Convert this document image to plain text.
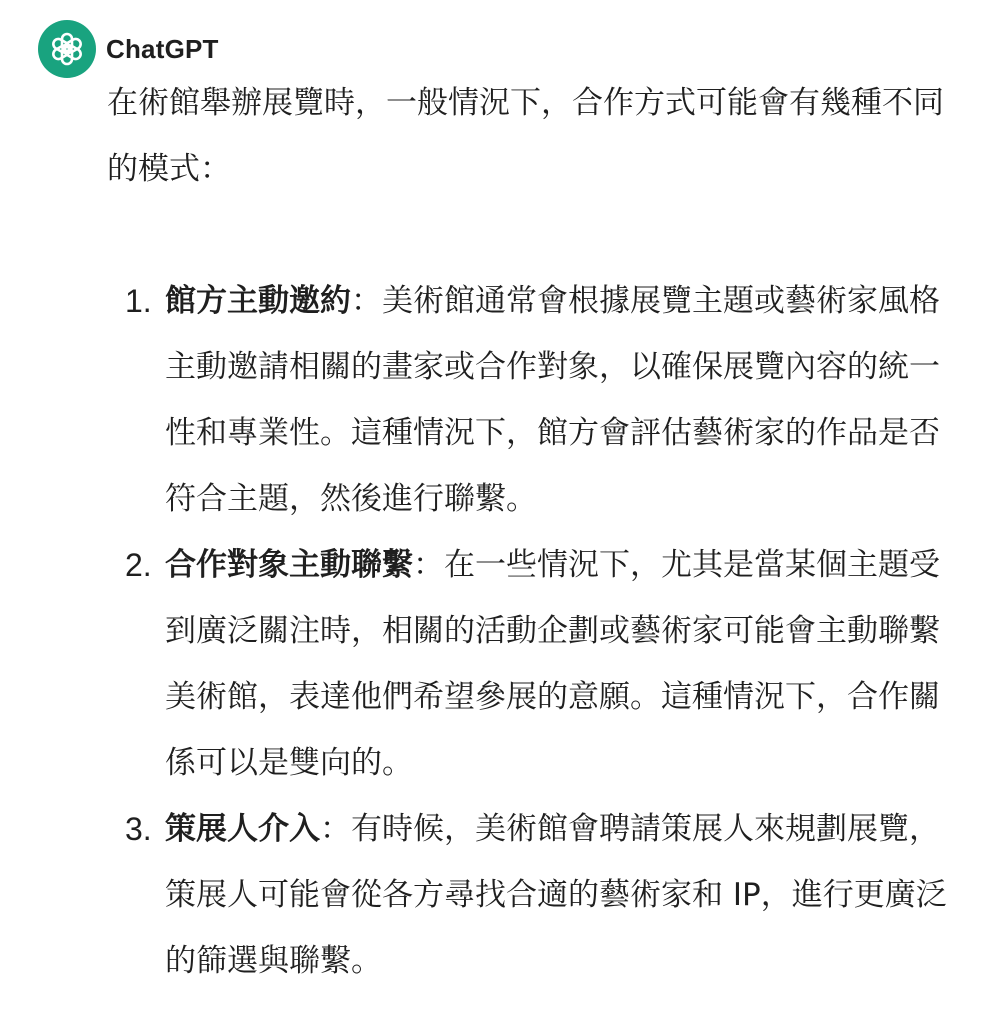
ChatGPT

在術館舉辦展覽時，一般情況下，合作方式可能會有幾種不同的模式：

1. 館方主動邀約：美術館通常會根據展覽主題或藝術家風格主動邀請相關的畫家或合作對象，以確保展覽內容的統一性和專業性。這種情況下，館方會評估藝術家的作品是否符合主題，然後進行聯繫。
2. 合作對象主動聯繫：在一些情況下，尤其是當某個主題受到廣泛關注時，相關的活動企劃或藝術家可能會主動聯繫美術館，表達他們希望參展的意願。這種情況下，合作關係可以是雙向的。
3. 策展人介入：有時候，美術館會聘請策展人來規劃展覽，策展人可能會從各方尋找合適的藝術家和 IP，進行更廣泛的篩選與聯繫。
